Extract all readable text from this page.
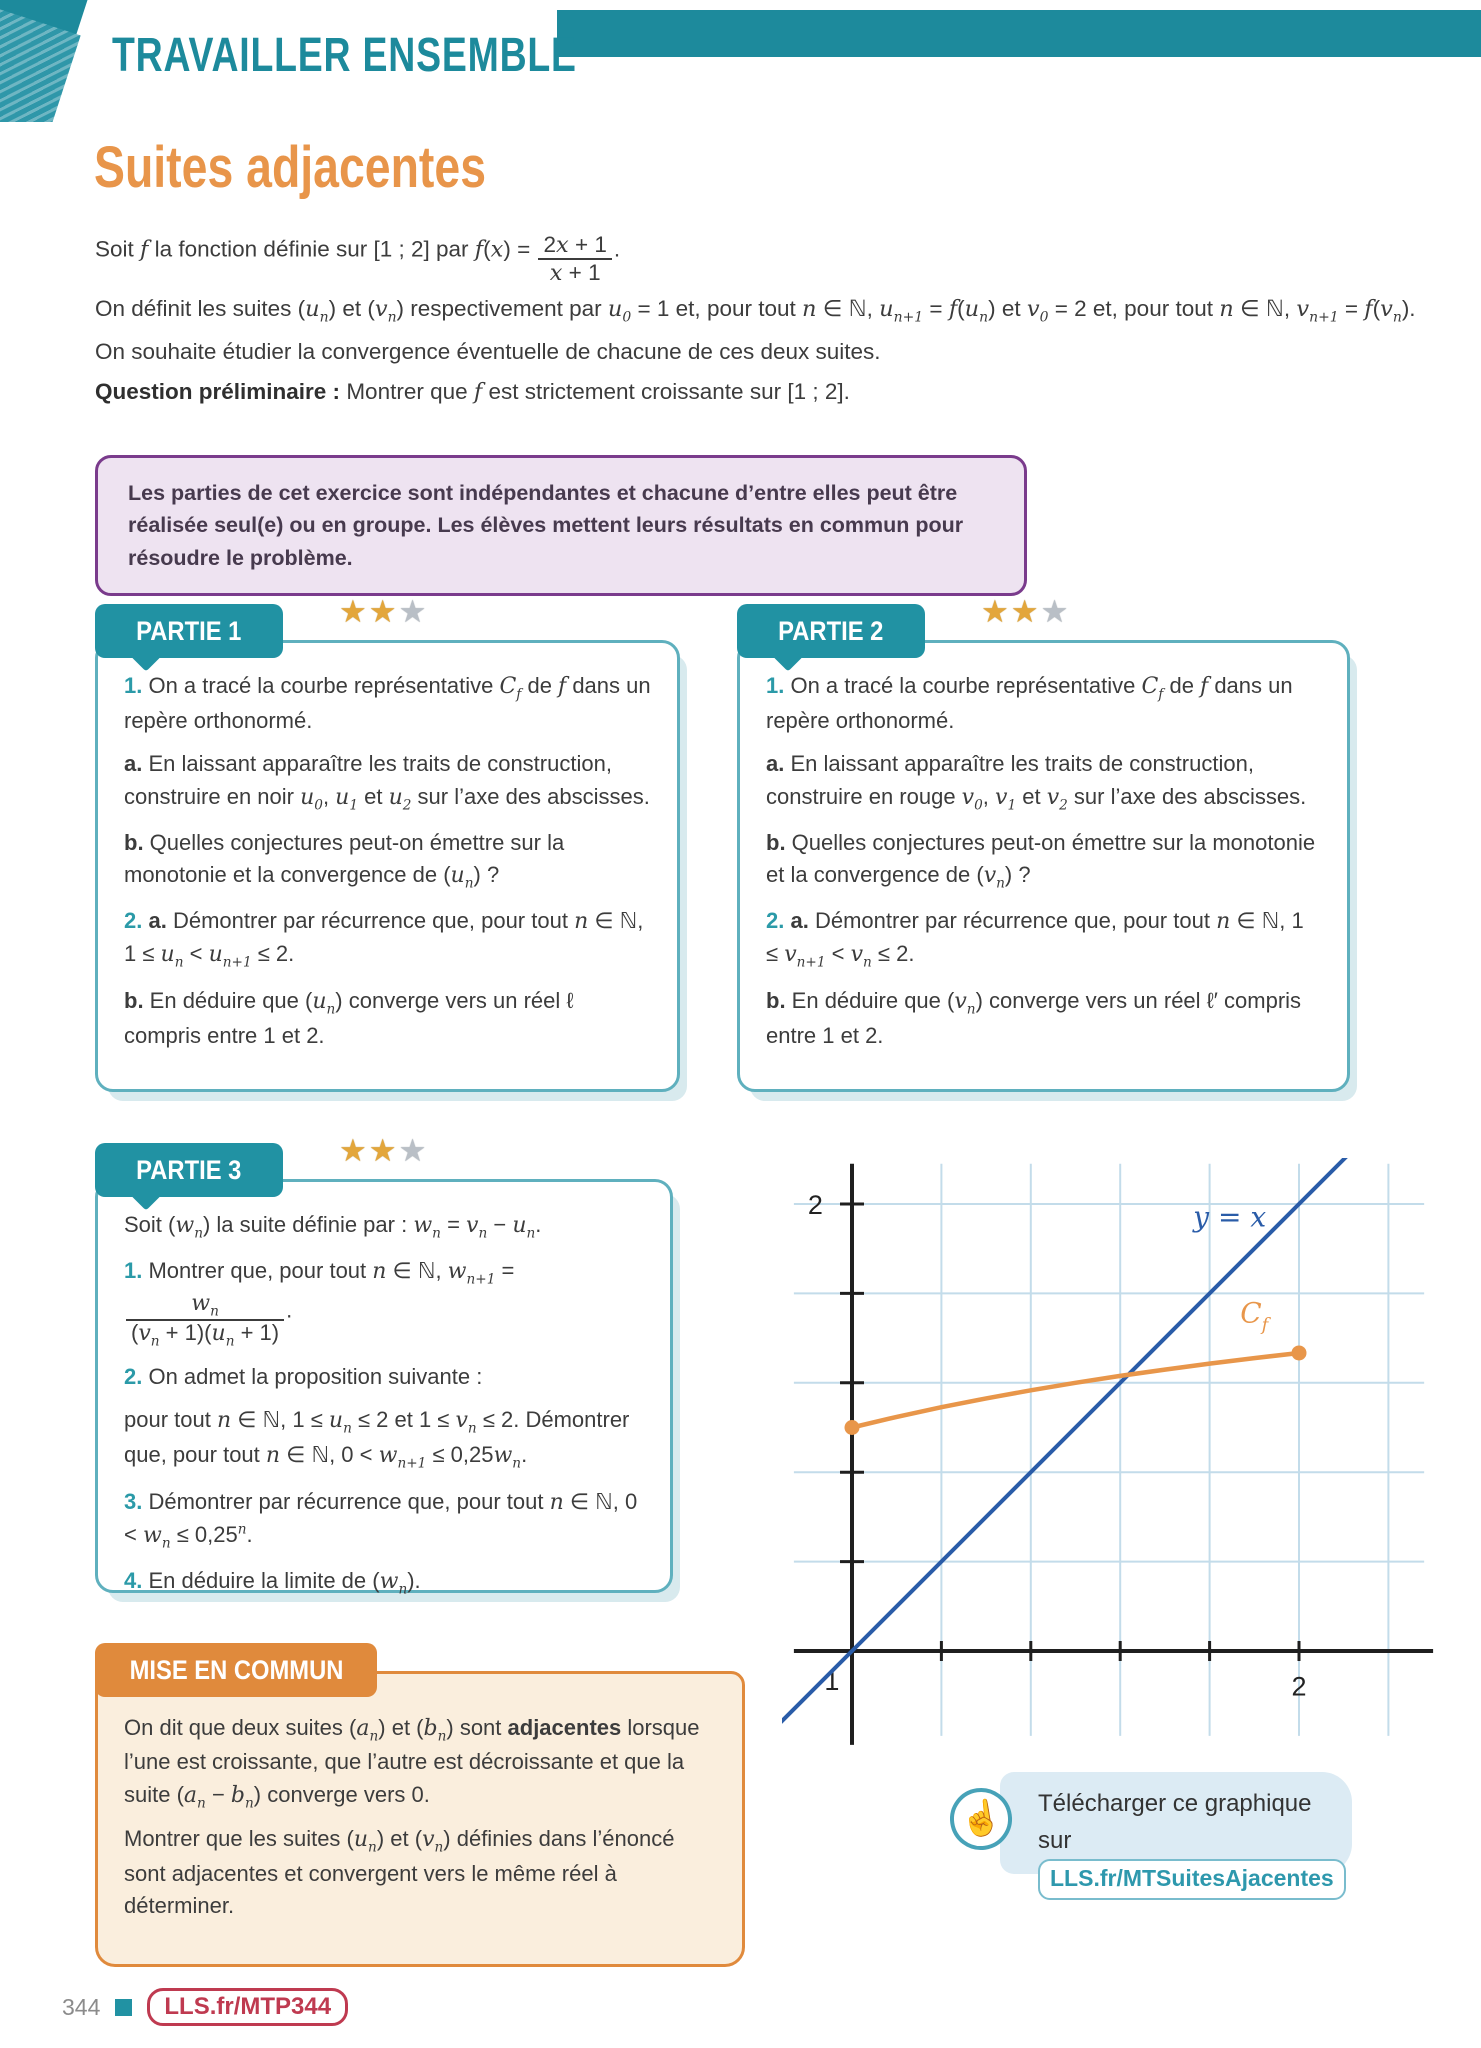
TRAVAILLER ENSEMBLE
Suites adjacentes

Soit f la fonction définie sur [1 ; 2] par $f(x) = \frac{2x + 1}{x + 1}$ .

On définit les suites $(u_n)$ et $(v_n)$ respectivement par $u_0 = 1$ et, pour tout n ∈ ℕ, $u_{n+1} = f(u_n)$ et $v_0 = 2$ et, pour tout n ∈ ℕ, $v_{n+1} = f(v_n)$.

On souhaite étudier la convergence éventuelle de chacune de ces deux suites.

Question préliminaire : Montrer que f est strictement croissante sur [1 ; 2].

Les parties de cet exercice sont indépendantes et chacune d’entre elles peut être réalisée seul(e) ou en groupe. Les élèves mettent leurs résultats en commun pour résoudre le problème.
PARTIE 1
★★★

1. On a tracé la courbe représentative $C_f$ de f dans un repère orthonormé.

a. En laissant apparaître les traits de construction, construire en noir $u_0$, $u_1$ et $u_2$ sur l’axe des abscisses.

b. Quelles conjectures peut-on émettre sur la monotonie et la convergence de $(u_n)$ ?

2. a. Démontrer par récurrence que, pour tout n ∈ ℕ, $1 \le u_n < u_{n+1} \le 2$.

b. En déduire que $(u_n)$ converge vers un réel ℓ compris entre 1 et 2.

PARTIE 2
★★★

1. On a tracé la courbe représentative $C_f$ de f dans un repère orthonormé.

a. En laissant apparaître les traits de construction, construire en rouge $v_0$, $v_1$ et $v_2$ sur l’axe des abscisses.

b. Quelles conjectures peut-on émettre sur la monotonie et la convergence de $(v_n)$ ?

2. a. Démontrer par récurrence que, pour tout n ∈ ℕ, $1 \le v_{n+1} < v_n \le 2$.

b. En déduire que $(v_n)$ converge vers un réel ℓ′ compris entre 1 et 2.

PARTIE 3
★★★

Soit $(w_n)$ la suite définie par : $w_n = v_n - u_n$.

1. Montrer que, pour tout n ∈ ℕ, $w_{n+1}$ =
$\frac{w_n}{(v_n + 1)(u_n + 1)}$ .

2. On admet la proposition suivante :

pour tout n ∈ ℕ, $1 \le u_n \le 2$ et $1 \le v_n \le 2$. Démontrer que, pour tout n ∈ ℕ, $0 < w_{n+1} \le 0,25w_n$.

3. Démontrer par récurrence que, pour tout n ∈ ℕ, $0 < w_n \le 0,25^n$.

4. En déduire la limite de $(w_n)$.

2
1	2
y = x
$C_f$
MISE EN COMMUN

On dit que deux suites $(a_n)$ et $(b_n)$ sont adjacentes lorsque l’une est croissante, que l’autre est décroissante et que la suite $(a_n - b_n)$ converge vers 0.

Montrer que les suites $(u_n)$ et $(v_n)$ définies dans l’énoncé sont adjacentes et convergent vers le même réel à déterminer.

☝	Télécharger ce graphique
sur LLS.fr/MTSuitesAjacentes
344	LLS.fr/MTP344
